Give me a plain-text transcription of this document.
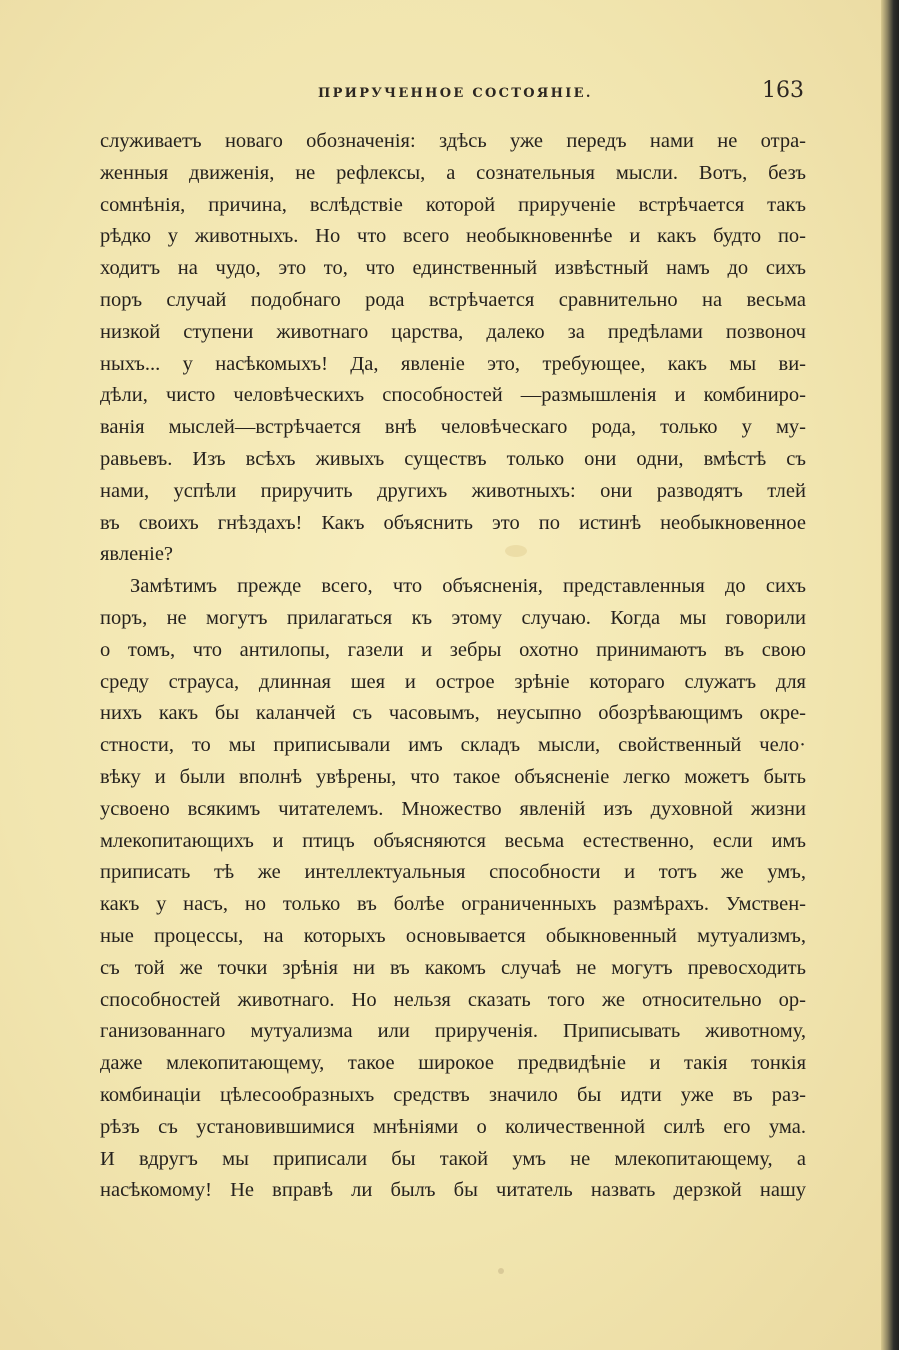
ПРИРУЧЕННОЕ СОСТОЯНІЕ.	163
служиваетъ новаго обозначенія: здѣсь уже передъ нами не отра-
женныя движенія, не рефлексы, а сознательныя мысли. Вотъ, безъ
сомнѣнія, причина, вслѣдствіе которой прирученіе встрѣчается такъ
рѣдко у животныхъ. Но что всего необыкновеннѣе и какъ будто по-
ходитъ на чудо, это то, что единственный извѣстный намъ до сихъ
поръ случай подобнаго рода встрѣчается сравнительно на весьма
низкой ступени животнаго царства, далеко за предѣлами позвоноч
ныхъ... у насѣкомыхъ! Да, явленіе это, требующее, какъ мы ви-
дѣли, чисто человѣческихъ способностей —размышленія и комбиниро-
ванія мыслей—встрѣчается внѣ человѣческаго рода, только у му-
равьевъ. Изъ всѣхъ живыхъ существъ только они одни, вмѣстѣ съ
нами, успѣли приручить другихъ животныхъ: они разводятъ тлей
въ своихъ гнѣздахъ! Какъ объяснить это по истинѣ необыкновенное
явленіе?
Замѣтимъ прежде всего, что объясненія, представленныя до сихъ
поръ, не могутъ прилагаться къ этому случаю. Когда мы говорили
о томъ, что антилопы, газели и зебры охотно принимаютъ въ свою
среду страуса, длинная шея и острое зрѣніе котораго служатъ для
нихъ какъ бы каланчей съ часовымъ, неусыпно обозрѣвающимъ окре-
стности, то мы приписывали имъ складъ мысли, свойственный чело·
вѣку и были вполнѣ увѣрены, что такое объясненіе легко можетъ быть
усвоено всякимъ читателемъ. Множество явленій изъ духовной жизни
млекопитающихъ и птицъ объясняются весьма естественно, если имъ
приписать тѣ же интеллектуальныя способности и тотъ же умъ,
какъ у насъ, но только въ болѣе ограниченныхъ размѣрахъ. Умствен-
ные процессы, на которыхъ основывается обыкновенный мутуализмъ,
съ той же точки зрѣнія ни въ какомъ случаѣ не могутъ превосходить
способностей животнаго. Но нельзя сказать того же относительно ор-
ганизованнаго мутуализма или прирученія. Приписывать животному,
даже млекопитающему, такое широкое предвидѣніе и такія тонкія
комбинаціи цѣлесообразныхъ средствъ значило бы идти уже въ раз-
рѣзъ съ установившимися мнѣніями о количественной силѣ его ума.
И вдругъ мы приписали бы такой умъ не млекопитающему, а
насѣкомому! Не вправѣ ли былъ бы читатель назвать дерзкой нашу
